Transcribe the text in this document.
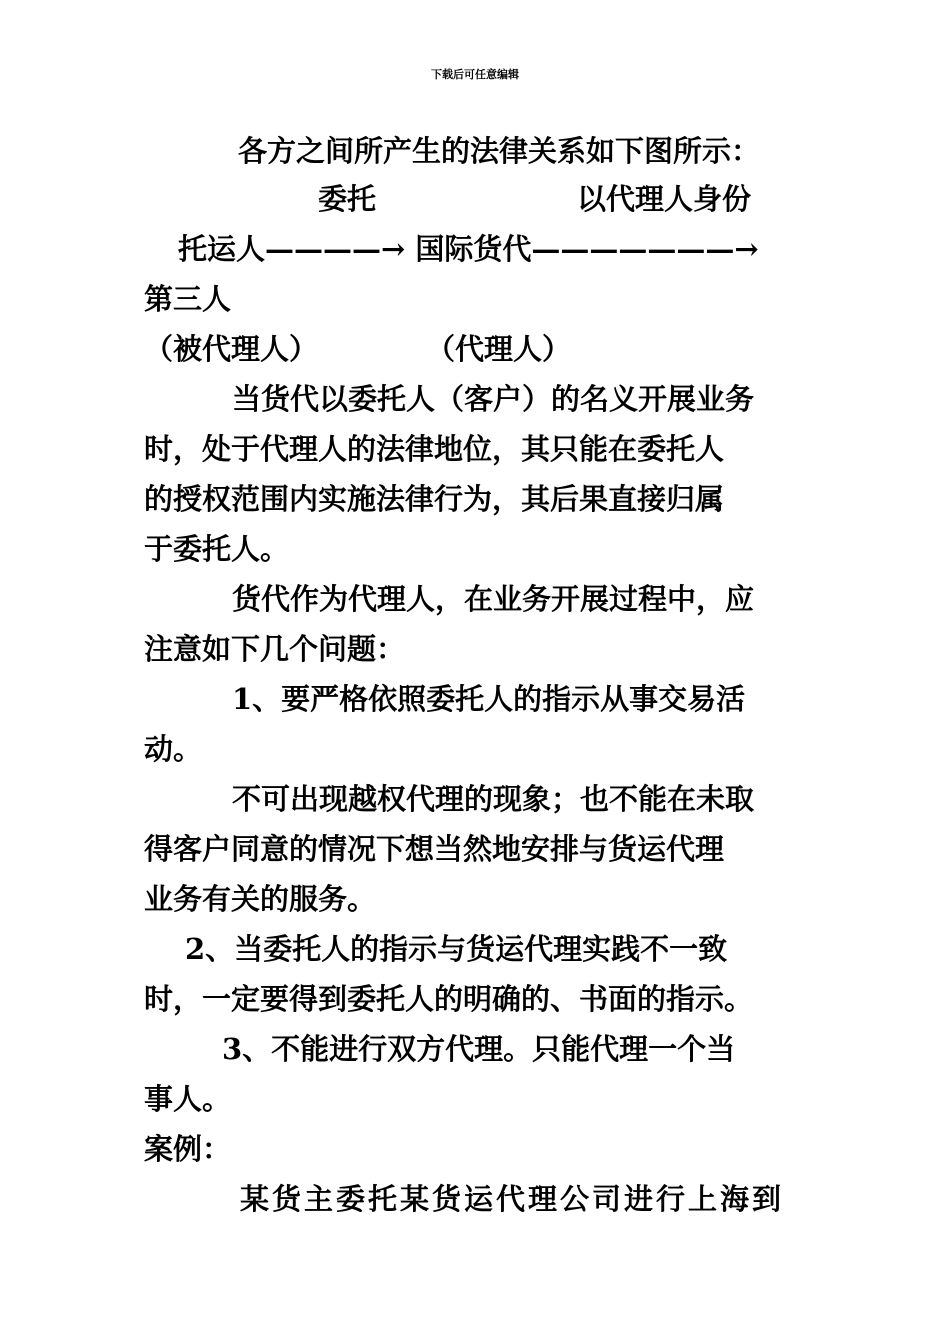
下载后可任意编辑
各方之间所产生的法律关系如下图所示：
委托	以代理人身份
托运人————→ 国际货代———————→
第三人
（被代理人）	（代理人）
当货代以委托人（客户）的名义开展业务
时，处于代理人的法律地位，其只能在委托人
的授权范围内实施法律行为，其后果直接归属
于委托人。
货代作为代理人，在业务开展过程中，应
注意如下几个问题：
1、要严格依照委托人的指示从事交易活
动。
不可出现越权代理的现象；也不能在未取
得客户同意的情况下想当然地安排与货运代理
业务有关的服务。
2、当委托人的指示与货运代理实践不一致
时，一定要得到委托人的明确的、书面的指示。
3、不能进行双方代理。只能代理一个当
事人。
案例：
某货主委托某货运代理公司进行上海到
